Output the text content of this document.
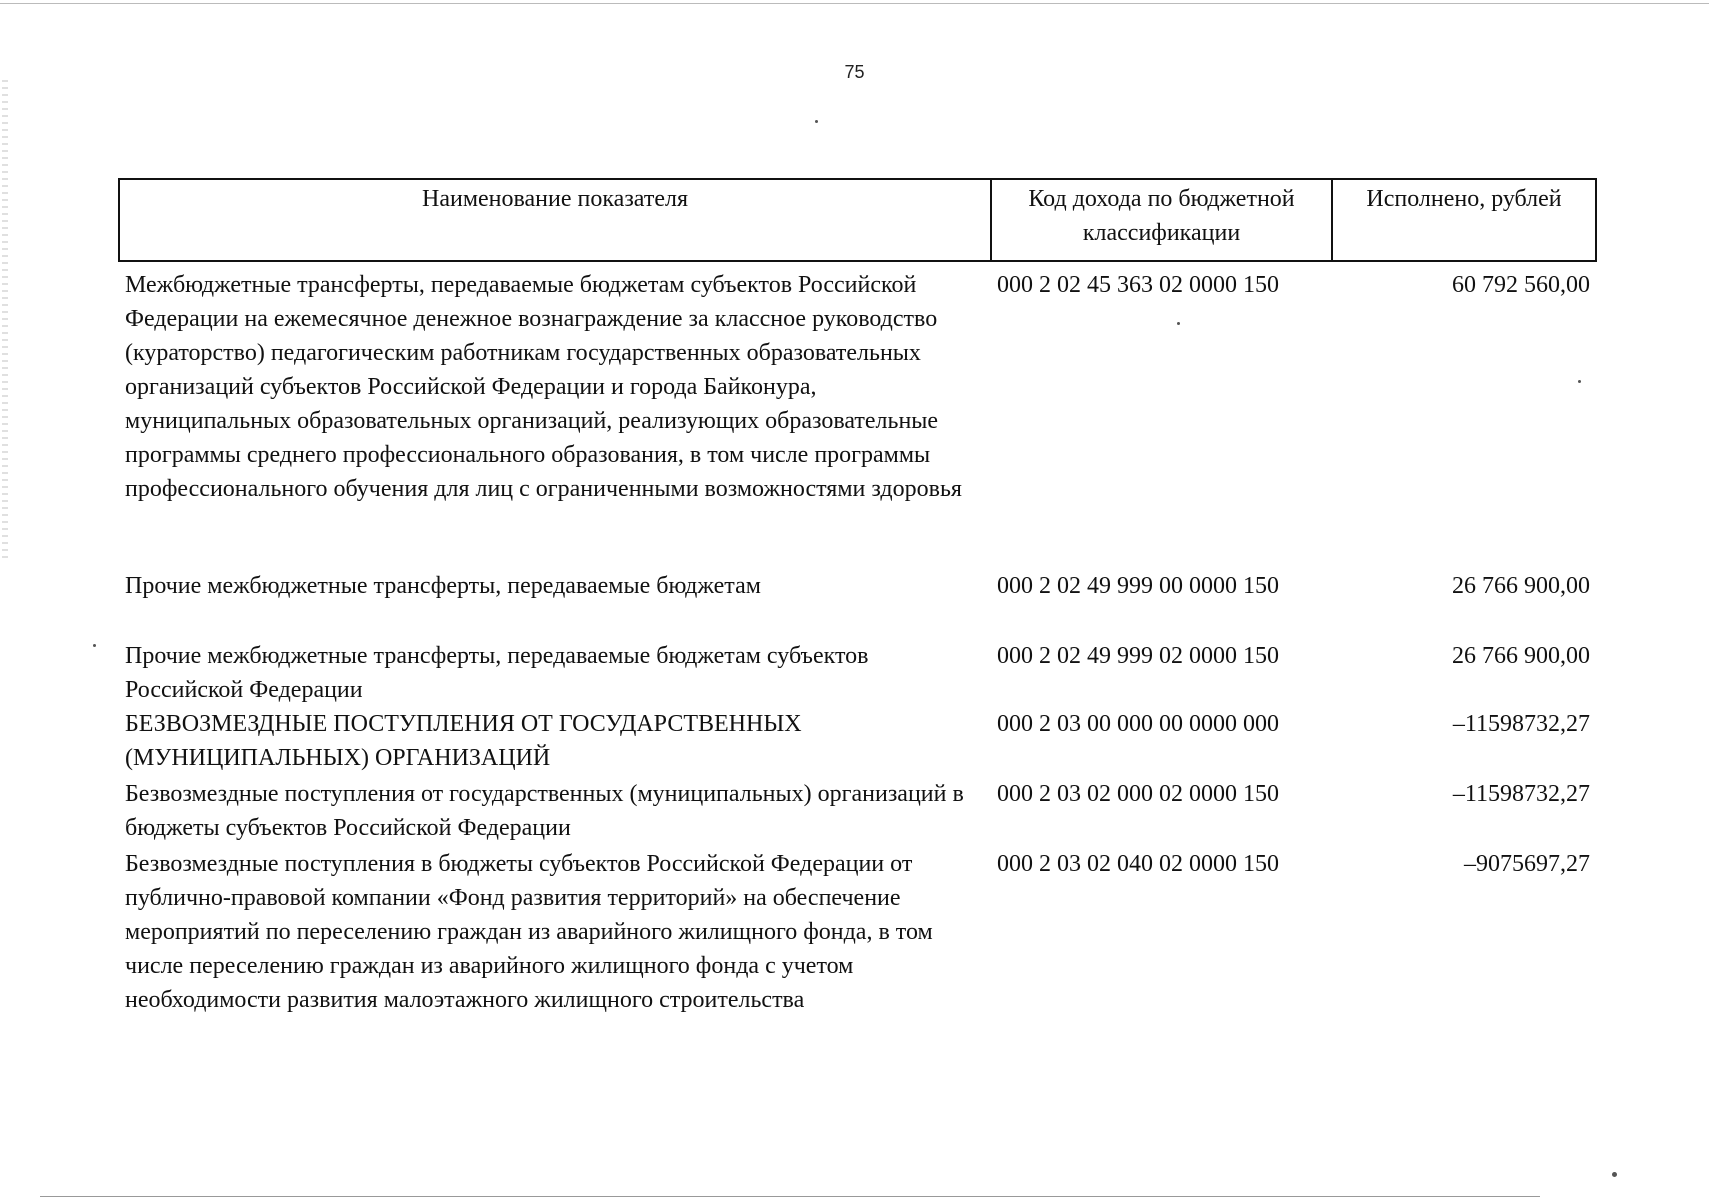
75
Наименование показателя	Код дохода по бюджетной классификации	Исполнено, рублей
Межбюджетные трансферты, передаваемые бюджетам субъектов Российской Федерации на ежемесячное денежное вознаграждение за классное руководство (кураторство) педагогическим работникам государственных образовательных организаций субъектов Российской Федерации и города Байконура, муниципальных образовательных организаций, реализующих образовательные программы среднего профессионального образования, в том числе программы профессионального обучения для лиц с ограниченными возможностями здоровья	000 2 02 45 363 02 0000 150	60 792 560,00
Прочие межбюджетные трансферты, передаваемые бюджетам	000 2 02 49 999 00 0000 150	26 766 900,00
Прочие межбюджетные трансферты, передаваемые бюджетам субъектов Российской Федерации	000 2 02 49 999 02 0000 150	26 766 900,00
БЕЗВОЗМЕЗДНЫЕ ПОСТУПЛЕНИЯ ОТ ГОСУДАРСТВЕННЫХ (МУНИЦИПАЛЬНЫХ) ОРГАНИЗАЦИЙ	000 2 03 00 000 00 0000 000	–11598732,27
Безвозмездные поступления от государственных (муниципальных) организаций в бюджеты субъектов Российской Федерации	000 2 03 02 000 02 0000 150	–11598732,27
Безвозмездные поступления в бюджеты субъектов Российской Федерации от публично-правовой компании «Фонд развития территорий» на обеспечение мероприятий по переселению граждан из аварийного жилищного фонда, в том числе переселению граждан из аварийного жилищного фонда с учетом необходимости развития малоэтажного жилищного строительства	000 2 03 02 040 02 0000 150	–9075697,27
